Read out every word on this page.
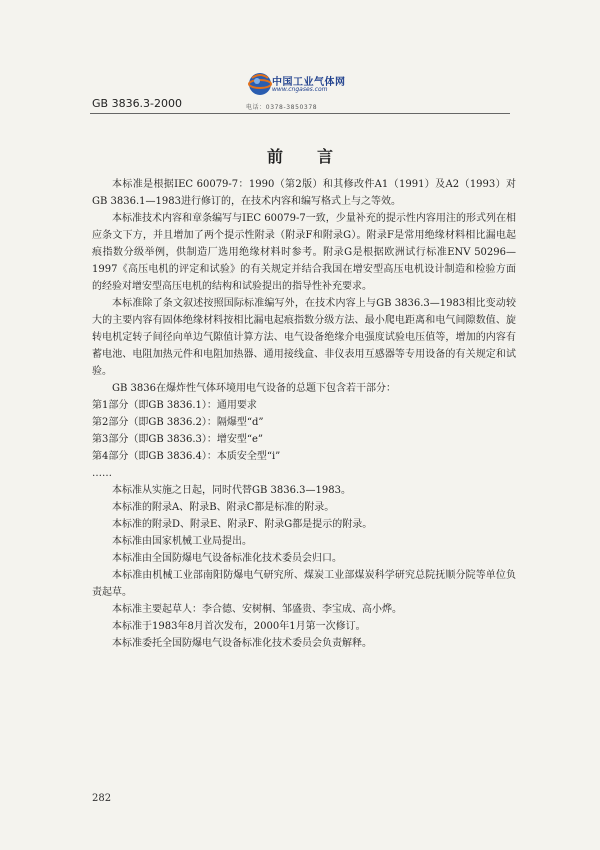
中国工业气体网
www.cngases.com
电话：0378-3850378
GB 3836.3-2000
前言

本标准是根据IEC 60079-7：1990（第2版）和其修改件A1（1991）及A2（1993）对GB 3836.1—1983进行修订的，在技术内容和编写格式上与之等效。

本标准技术内容和章条编写与IEC 60079-7一致，少量补充的提示性内容用注的形式列在相应条文下方，并且增加了两个提示性附录（附录F和附录G）。附录F是常用绝缘材料相比漏电起痕指数分级举例，供制造厂选用绝缘材料时参考。附录G是根据欧洲试行标准ENV 50296—1997《高压电机的评定和试验》的有关规定并结合我国在增安型高压电机设计制造和检验方面的经验对增安型高压电机的结构和试验提出的指导性补充要求。

本标准除了条文叙述按照国际标准编写外，在技术内容上与GB 3836.3—1983相比变动较大的主要内容有固体绝缘材料按相比漏电起痕指数分级方法、最小爬电距离和电气间隙数值、旋转电机定转子间径向单边气隙值计算方法、电气设备绝缘介电强度试验电压值等，增加的内容有蓄电池、电阻加热元件和电阻加热器、通用接线盒、非仪表用互感器等专用设备的有关规定和试验。

GB 3836在爆炸性气体环境用电气设备的总题下包含若干部分：

第1部分（即GB 3836.1）：通用要求

第2部分（即GB 3836.2）：隔爆型“d”

第3部分（即GB 3836.3）：增安型“e”

第4部分（即GB 3836.4）：本质安全型“i”

……

本标准从实施之日起，同时代替GB 3836.3—1983。

本标准的附录A、附录B、附录C都是标准的附录。

本标准的附录D、附录E、附录F、附录G都是提示的附录。

本标准由国家机械工业局提出。

本标准由全国防爆电气设备标准化技术委员会归口。

本标准由机械工业部南阳防爆电气研究所、煤炭工业部煤炭科学研究总院抚顺分院等单位负责起草。

本标准主要起草人：李合德、安树桐、邹盛贵、李宝成、高小烨。

本标准于1983年8月首次发布，2000年1月第一次修订。

本标准委托全国防爆电气设备标准化技术委员会负责解释。

282
